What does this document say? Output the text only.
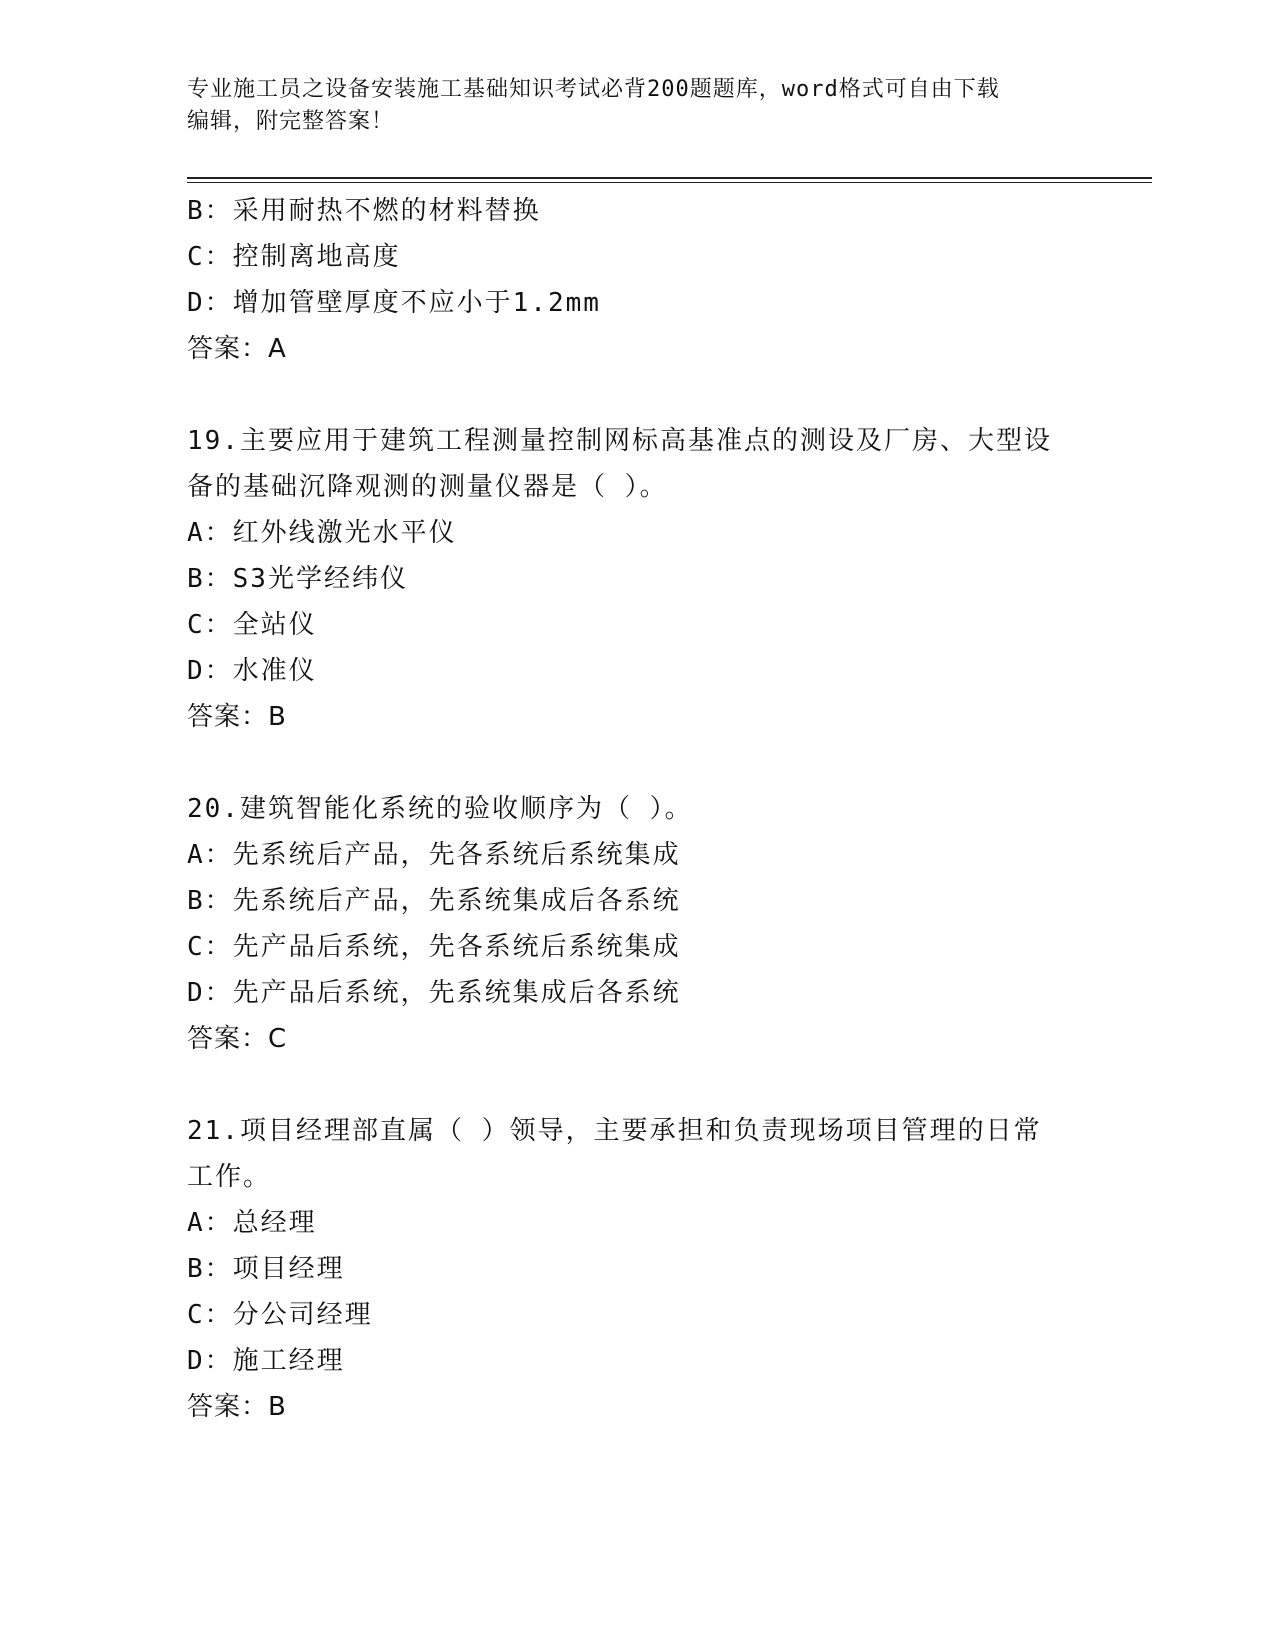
专业施工员之设备安装施工基础知识考试必背200题题库，word格式可自由下载
编辑，附完整答案！
B：采用耐热不燃的材料替换
C：控制离地高度
D：增加管壁厚度不应小于1.2mm
答案：A
19.主要应用于建筑工程测量控制网标高基准点的测设及厂房、大型设
备的基础沉降观测的测量仪器是（ ）。
A：红外线激光水平仪
B：S3光学经纬仪
C：全站仪
D：水准仪
答案：B
20.建筑智能化系统的验收顺序为（ ）。
A：先系统后产品，先各系统后系统集成
B：先系统后产品，先系统集成后各系统
C：先产品后系统，先各系统后系统集成
D：先产品后系统，先系统集成后各系统
答案：C
21.项目经理部直属（ ）领导，主要承担和负责现场项目管理的日常
工作。
A：总经理
B：项目经理
C：分公司经理
D：施工经理
答案：B
